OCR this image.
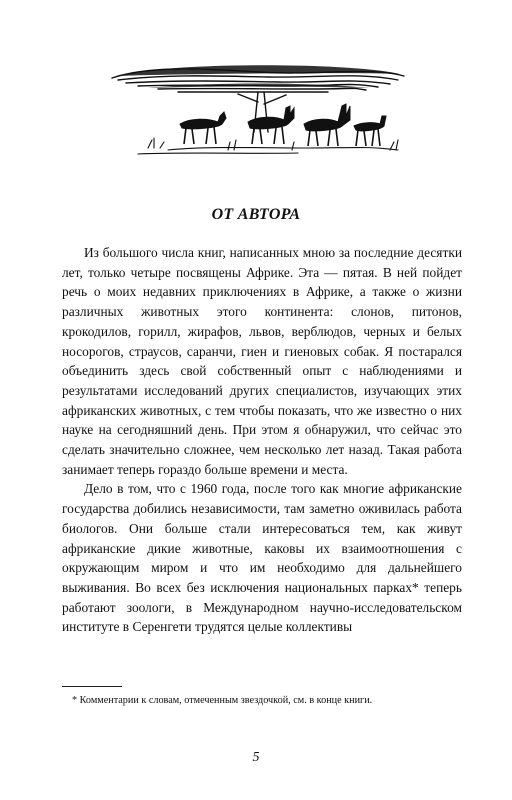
ОТ АВТОРА

Из большого числа книг, написанных мною за последние десятки лет, только четыре посвящены Африке. Эта — пятая. В ней пойдет речь о моих недавних приключениях в Африке, а также о жизни различных животных этого континента: слонов, питонов, крокодилов, горилл, жирафов, львов, верблюдов, черных и белых носорогов, страусов, саранчи, гиен и гиеновых собак. Я постарался объединить здесь свой собственный опыт с наблюдениями и результатами исследований других специалистов, изучающих этих африканских животных, с тем чтобы показать, что же известно о них науке на сегодняшний день. При этом я обнаружил, что сейчас это сделать значительно сложнее, чем несколько лет назад. Такая работа занимает теперь гораздо больше времени и места.

Дело в том, что с 1960 года, после того как многие африканские государства добились независимости, там заметно оживилась работа биологов. Они больше стали интересоваться тем, как живут африканские дикие животные, каковы их взаимоотношения с окружающим миром и что им необходимо для дальнейшего выживания. Во всех без исключения национальных парках* теперь работают зоологи, в Международном научно-исследовательском институте в Серенгети трудятся целые коллективы

* Комментарии к словам, отмеченным звездочкой, см. в конце книги.

5
